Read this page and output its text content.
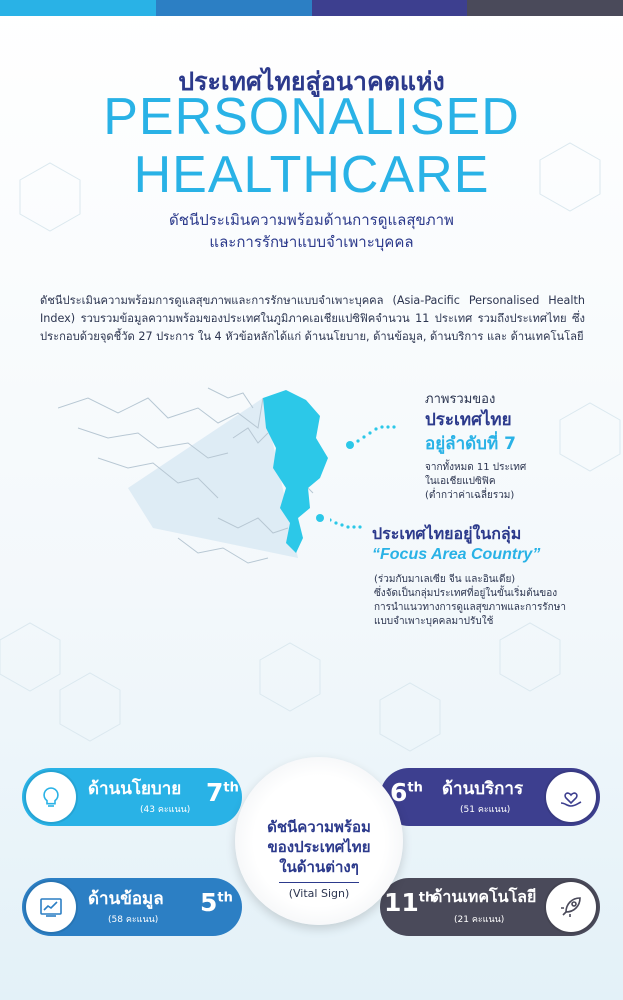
ประเทศไทยสู่อนาคตแห่ง
PERSONALISED
HEALTHCARE
ดัชนีประเมินความพร้อมด้านการดูแลสุขภาพ
และการรักษาแบบจำเพาะบุคคล
ดัชนีประเมินความพร้อมการดูแลสุขภาพและการรักษาแบบจำเพาะบุคคล (Asia-Pacific Personalised Health Index) รวบรวมข้อมูลความพร้อมของประเทศในภูมิภาคเอเชียแปซิฟิคจำนวน 11 ประเทศ รวมถึงประเทศไทย ซึ่งประกอบด้วยจุดชี้วัด 27 ประการ ใน 4 หัวข้อหลักได้แก่ ด้านนโยบาย, ด้านข้อมูล, ด้านบริการ และ ด้านเทคโนโลยี
ภาพรวมของ
ประเทศไทย
อยู่ลำดับที่ 7
จากทั้งหมด 11 ประเทศ
ในเอเชียแปซิฟิค
(ต่ำกว่าค่าเฉลี่ยรวม)
ประเทศไทยอยู่ในกลุ่ม
“Focus Area Country”
(ร่วมกับมาเลเซีย จีน และอินเดีย)
ซึ่งจัดเป็นกลุ่มประเทศที่อยู่ในขั้นเริ่มต้นของ
การนำแนวทางการดูแลสุขภาพและการรักษา
แบบจำเพาะบุคคลมาปรับใช้
ด้านนโยบาย
(43 คะแนน)
7th	6th ด้านบริการ
(51 คะแนน)
ด้านข้อมูล
(58 คะแนน)
5th	11th
ด้านเทคโนโลยี
(21 คะแนน)
ดัชนีความพร้อม
ของประเทศไทย
ในด้านต่างๆ
(Vital Sign)
